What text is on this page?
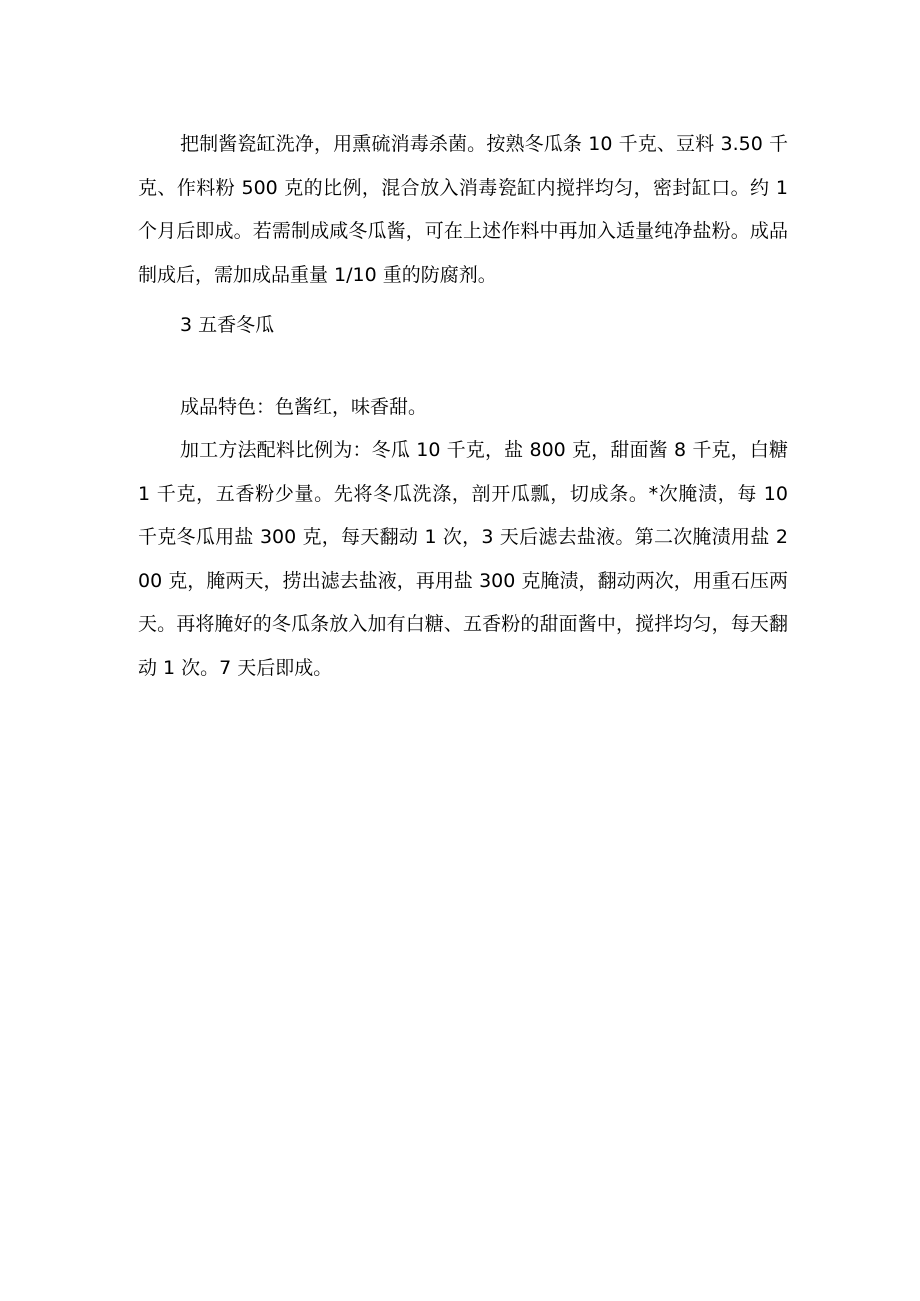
把制酱瓷缸洗净，用熏硫消毒杀菌。按熟冬瓜条 10 千克、豆料 3.50 千克、作料粉 500 克的比例，混合放入消毒瓷缸内搅拌均匀，密封缸口。约 1 个月后即成。若需制成咸冬瓜酱，可在上述作料中再加入适量纯净盐粉。成品制成后，需加成品重量 1/10 重的防腐剂。

3 五香冬瓜

成品特色：色酱红，味香甜。

加工方法配料比例为：冬瓜 10 千克，盐 800 克，甜面酱 8 千克，白糖 1 千克，五香粉少量。先将冬瓜洗涤，剖开瓜瓢，切成条。*次腌渍，每 10 千克冬瓜用盐 300 克，每天翻动 1 次，3 天后滤去盐液。第二次腌渍用盐 200 克，腌两天，捞出滤去盐液，再用盐 300 克腌渍，翻动两次，用重石压两天。再将腌好的冬瓜条放入加有白糖、五香粉的甜面酱中，搅拌均匀，每天翻动 1 次。7 天后即成。
